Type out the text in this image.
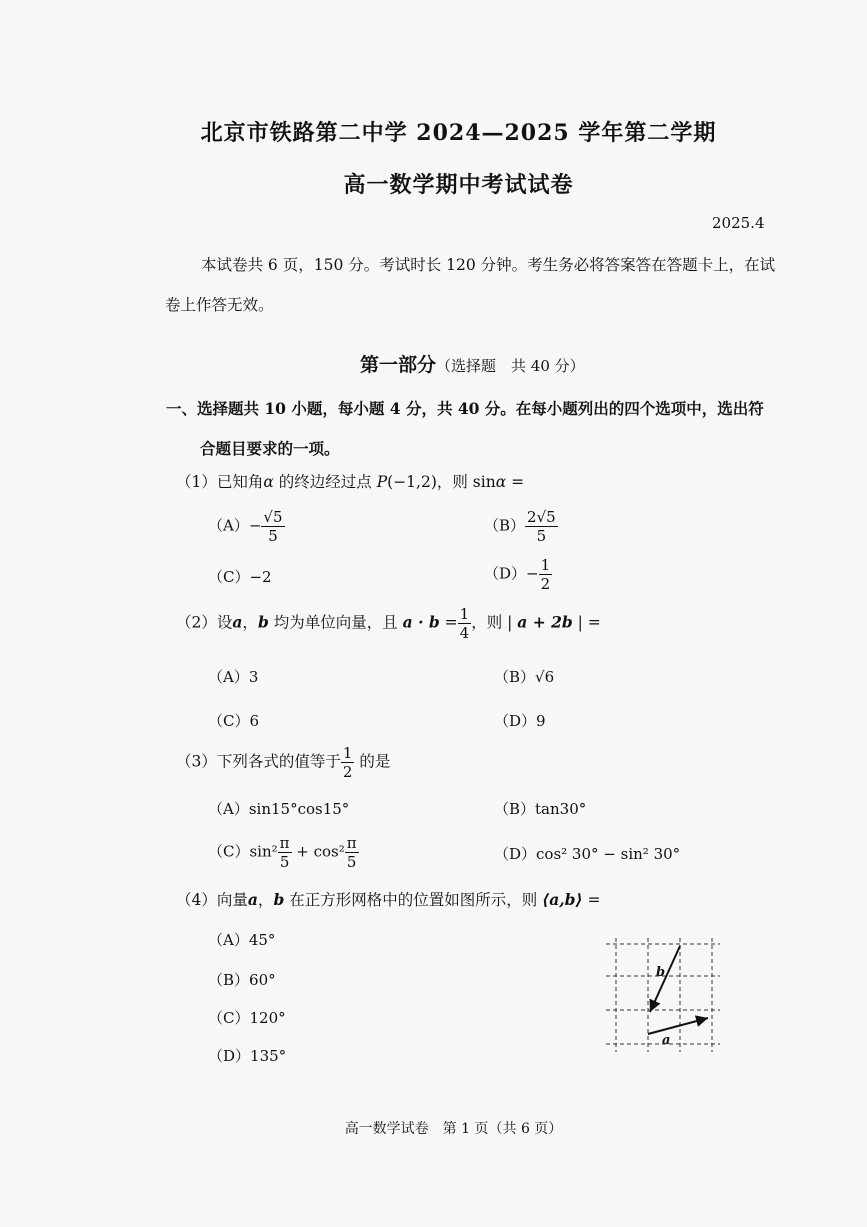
北京市铁路第二中学 2024—2025 学年第二学期
高一数学期中考试试卷
2025.4
本试卷共 6 页，150 分。考试时长 120 分钟。考生务必将答案答在答题卡上，在试
卷上作答无效。
第一部分（选择题　共 40 分）
一、选择题共 10 小题，每小题 4 分，共 40 分。在每小题列出的四个选项中，选出符
合题目要求的一项。
（1）已知角α 的终边经过点 P(−1,2)，则 sinα =
$(A)- \frac{√5}{5}$	$(B) \frac{2√5}{5}$
（C）−2	$(D)- \frac{1}{2}$
（2）设a，b 均为单位向量，且 $a \cdot b = \frac{1}{4}$ ，则 | a + 2b | =
（A）3	（B）√6
（C）6	（D）9
（3）下列各式的值等于 $\frac{1}{2}$ 的是
（A）sin15°cos15°	（B）tan30°
$(C)\sin^2 \frac{\pi}{5} + \cos^2 \frac{\pi}{5}$	（D）cos² 30° − sin² 30°
（4）向量a，b 在正方形网格中的位置如图所示，则 ⟨a,b⟩ =
（A）45°
（B）60°
（C）120°
（D）135°
b
a
高一数学试卷　第 1 页（共 6 页）
